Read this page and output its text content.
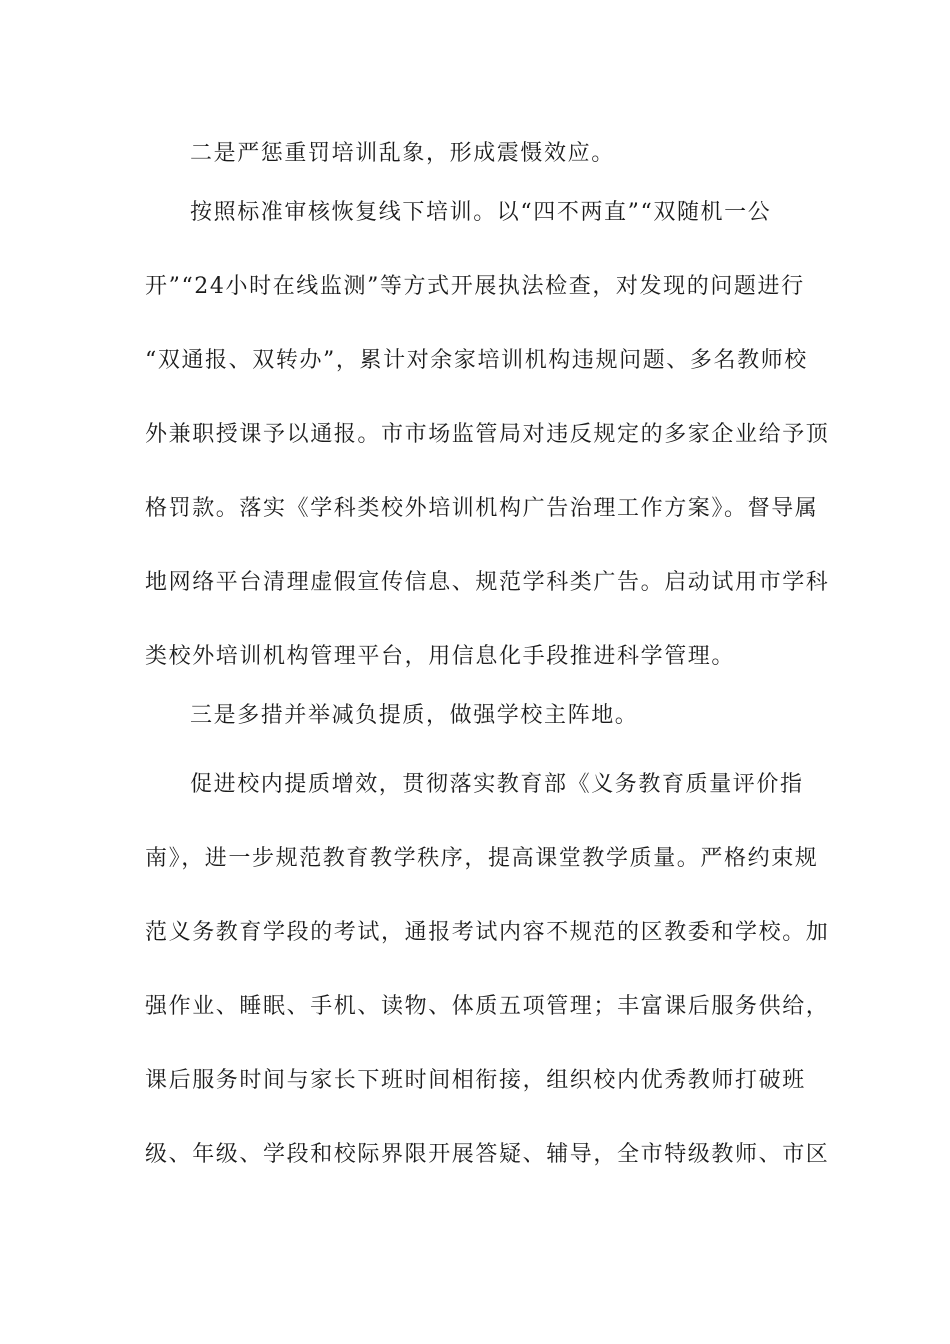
二是严惩重罚培训乱象，形成震慑效应。
按照标准审核恢复线下培训。以“四不两直”“双随机一公
开”“24小时在线监测”等方式开展执法检查，对发现的问题进行
“双通报、双转办”，累计对余家培训机构违规问题、多名教师校
外兼职授课予以通报。市市场监管局对违反规定的多家企业给予顶
格罚款。落实《学科类校外培训机构广告治理工作方案》。督导属
地网络平台清理虚假宣传信息、规范学科类广告。启动试用市学科
类校外培训机构管理平台，用信息化手段推进科学管理。
三是多措并举减负提质，做强学校主阵地。
促进校内提质增效，贯彻落实教育部《义务教育质量评价指
南》，进一步规范教育教学秩序，提高课堂教学质量。严格约束规
范义务教育学段的考试，通报考试内容不规范的区教委和学校。加
强作业、睡眠、手机、读物、体质五项管理；丰富课后服务供给，
课后服务时间与家长下班时间相衔接，组织校内优秀教师打破班
级、年级、学段和校际界限开展答疑、辅导，全市特级教师、市区
